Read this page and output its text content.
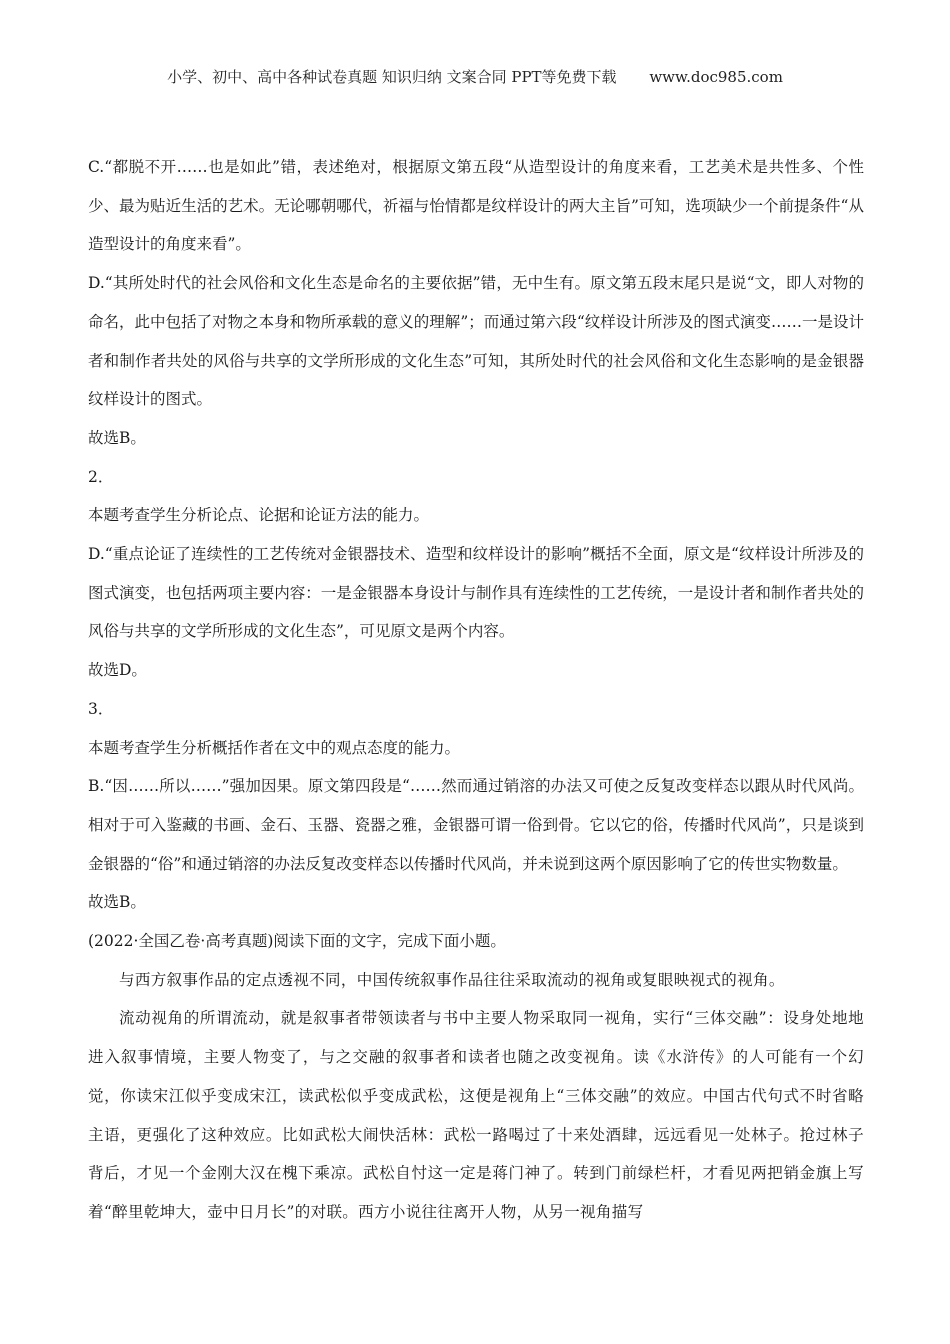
小学、初中、高中各种试卷真题 知识归纳 文案合同 PPT等免费下载 www.doc985.com

C.“都脱不开……也是如此”错，表述绝对，根据原文第五段“从造型设计的角度来看，工艺美术是共性多、个性少、最为贴近生活的艺术。无论哪朝哪代，祈福与怡情都是纹样设计的两大主旨”可知，选项缺少一个前提条件“从造型设计的角度来看”。

D.“其所处时代的社会风俗和文化生态是命名的主要依据”错，无中生有。原文第五段末尾只是说“文，即人对物的命名，此中包括了对物之本身和物所承载的意义的理解”；而通过第六段“纹样设计所涉及的图式演变……一是设计者和制作者共处的风俗与共享的文学所形成的文化生态”可知，其所处时代的社会风俗和文化生态影响的是金银器纹样设计的图式。

故选B。

2．

本题考查学生分析论点、论据和论证方法的能力。

D.“重点论证了连续性的工艺传统对金银器技术、造型和纹样设计的影响”概括不全面，原文是“纹样设计所涉及的图式演变，也包括两项主要内容：一是金银器本身设计与制作具有连续性的工艺传统，一是设计者和制作者共处的风俗与共享的文学所形成的文化生态”，可见原文是两个内容。

故选D。

3．

本题考查学生分析概括作者在文中的观点态度的能力。

B.“因……所以……”强加因果。原文第四段是“……然而通过销溶的办法又可使之反复改变样态以跟从时代风尚。相对于可入鉴藏的书画、金石、玉器、瓷器之雅，金银器可谓一俗到骨。它以它的俗，传播时代风尚”，只是谈到金银器的“俗”和通过销溶的办法反复改变样态以传播时代风尚，并未说到这两个原因影响了它的传世实物数量。

故选B。

(2022·全国乙卷·高考真题)阅读下面的文字，完成下面小题。

与西方叙事作品的定点透视不同，中国传统叙事作品往往采取流动的视角或复眼映视式的视角。

流动视角的所谓流动，就是叙事者带领读者与书中主要人物采取同一视角，实行“三体交融”：设身处地地进入叙事情境，主要人物变了，与之交融的叙事者和读者也随之改变视角。读《水浒传》的人可能有一个幻觉，你读宋江似乎变成宋江，读武松似乎变成武松，这便是视角上“三体交融”的效应。中国古代句式不时省略主语，更强化了这种效应。比如武松大闹快活林：武松一路喝过了十来处酒肆，远远看见一处林子。抢过林子背后，才见一个金刚大汉在槐下乘凉。武松自忖这一定是蒋门神了。转到门前绿栏杆，才看见两把销金旗上写着“醉里乾坤大，壶中日月长”的对联。西方小说往往离开人物，从另一视角描写
